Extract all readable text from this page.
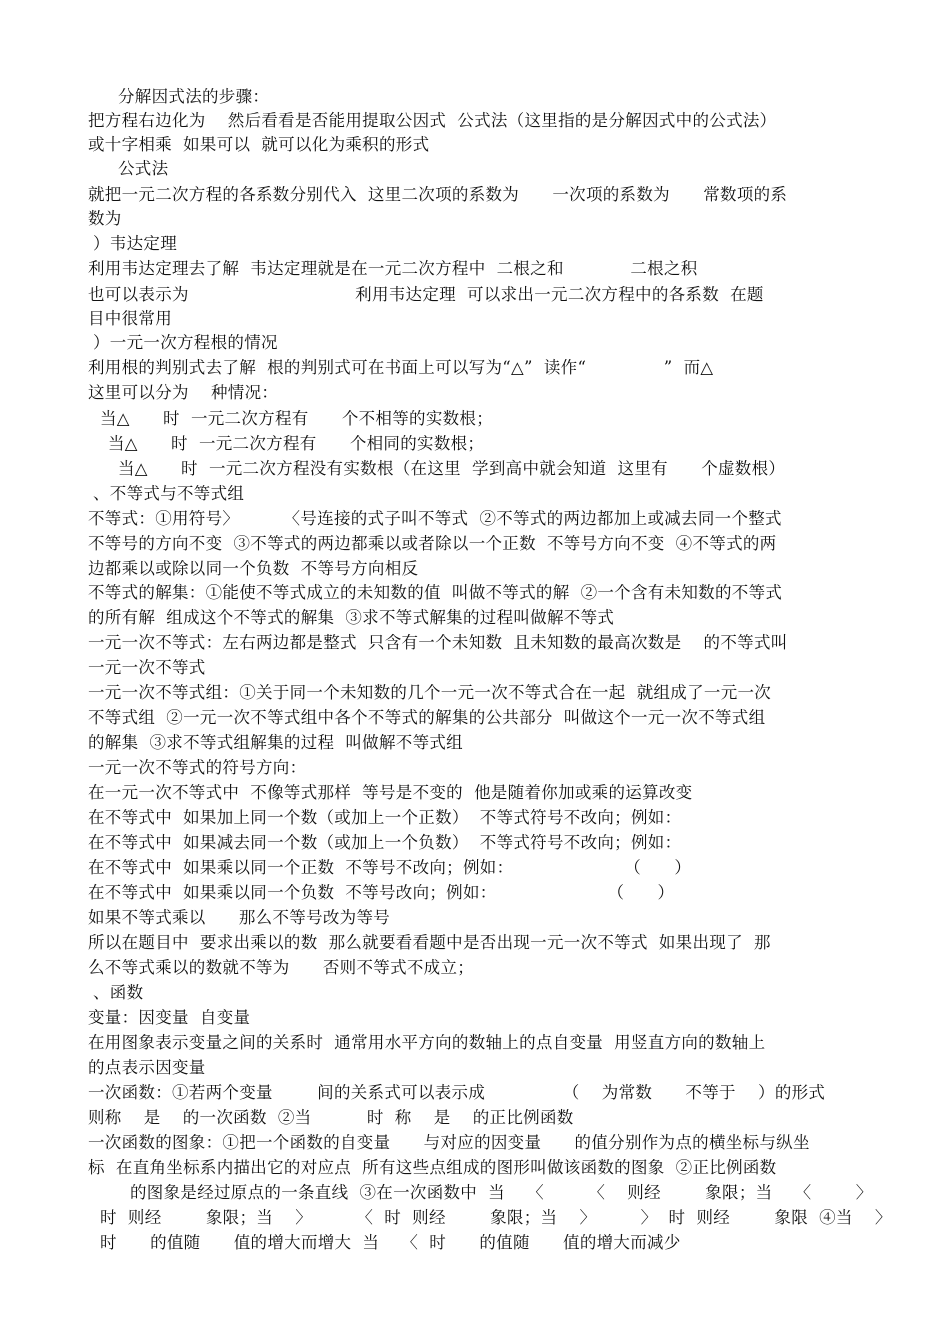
分解因式法的步骤：
把方程右边化为    然后看看是否能用提取公因式  公式法（这里指的是分解因式中的公式法）
或十字相乘  如果可以  就可以化为乘积的形式
公式法
就把一元二次方程的各系数分别代入  这里二次项的系数为      一次项的系数为      常数项的系
数为
）韦达定理
利用韦达定理去了解  韦达定理就是在一元二次方程中  二根之和            二根之积
也可以表示为                              利用韦达定理  可以求出一元二次方程中的各系数  在题
目中很常用
）一元一次方程根的情况
利用根的判别式去了解  根的判别式可在书面上可以写为“△”  读作“              ”  而△
这里可以分为    种情况：
当△      时  一元二次方程有      个不相等的实数根；
当△      时  一元二次方程有      个相同的实数根；
当△      时  一元二次方程没有实数根（在这里  学到高中就会知道  这里有      个虚数根）
、不等式与不等式组
不等式：①用符号〉        〈号连接的式子叫不等式  ②不等式的两边都加上或减去同一个整式
不等号的方向不变  ③不等式的两边都乘以或者除以一个正数  不等号方向不变  ④不等式的两
边都乘以或除以同一个负数  不等号方向相反
不等式的解集：①能使不等式成立的未知数的值  叫做不等式的解  ②一个含有未知数的不等式
的所有解  组成这个不等式的解集  ③求不等式解集的过程叫做解不等式
一元一次不等式：左右两边都是整式  只含有一个未知数  且未知数的最高次数是    的不等式叫
一元一次不等式
一元一次不等式组：①关于同一个未知数的几个一元一次不等式合在一起  就组成了一元一次
不等式组  ②一元一次不等式组中各个不等式的解集的公共部分  叫做这个一元一次不等式组
的解集  ③求不等式组解集的过程  叫做解不等式组
一元一次不等式的符号方向：
在一元一次不等式中  不像等式那样  等号是不变的  他是随着你加或乘的运算改变
在不等式中  如果加上同一个数（或加上一个正数）  不等式符号不改向；例如：
在不等式中  如果减去同一个数（或加上一个负数）  不等式符号不改向；例如：
在不等式中  如果乘以同一个正数  不等号不改向；例如：                    （      ）
在不等式中  如果乘以同一个负数  不等号改向；例如：                    （      ）
如果不等式乘以      那么不等号改为等号
所以在题目中  要求出乘以的数  那么就要看看题中是否出现一元一次不等式  如果出现了  那
么不等式乘以的数就不等为      否则不等式不成立；
、函数
变量：因变量  自变量
在用图象表示变量之间的关系时  通常用水平方向的数轴上的点自变量  用竖直方向的数轴上
的点表示因变量
一次函数：①若两个变量        间的关系式可以表示成              （    为常数      不等于    ）的形式
则称    是    的一次函数  ②当          时  称    是    的正比例函数
一次函数的图象：①把一个函数的自变量      与对应的因变量      的值分别作为点的横坐标与纵坐
标  在直角坐标系内描出它的对应点  所有这些点组成的图形叫做该函数的图象  ②正比例函数
的图象是经过原点的一条直线  ③在一次函数中  当    〈        〈    则经        象限；当    〈        〉
时  则经        象限；当    〉        〈  时  则经        象限；当    〉        〉  时  则经        象限  ④当    〉
时      的值随      值的增大而增大  当    〈  时      的值随      值的增大而减少
